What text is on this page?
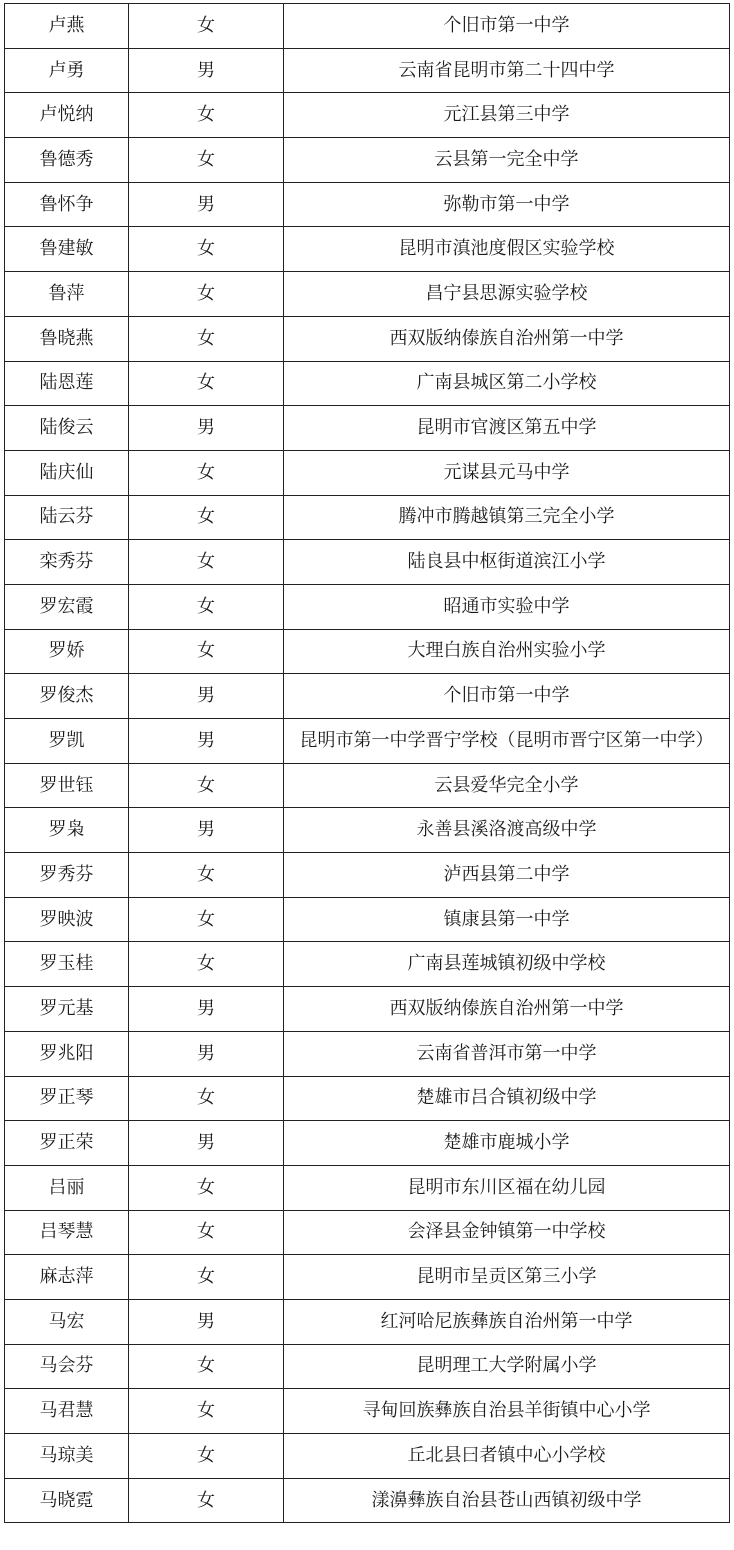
卢燕	女	个旧市第一中学
卢勇	男	云南省昆明市第二十四中学
卢悦纳	女	元江县第三中学
鲁德秀	女	云县第一完全中学
鲁怀争	男	弥勒市第一中学
鲁建敏	女	昆明市滇池度假区实验学校
鲁萍	女	昌宁县思源实验学校
鲁晓燕	女	西双版纳傣族自治州第一中学
陆恩莲	女	广南县城区第二小学校
陆俊云	男	昆明市官渡区第五中学
陆庆仙	女	元谋县元马中学
陆云芬	女	腾冲市腾越镇第三完全小学
栾秀芬	女	陆良县中枢街道滨江小学
罗宏霞	女	昭通市实验中学
罗娇	女	大理白族自治州实验小学
罗俊杰	男	个旧市第一中学
罗凯	男	昆明市第一中学晋宁学校（昆明市晋宁区第一中学）
罗世钰	女	云县爱华完全小学
罗枭	男	永善县溪洛渡高级中学
罗秀芬	女	泸西县第二中学
罗映波	女	镇康县第一中学
罗玉桂	女	广南县莲城镇初级中学校
罗元基	男	西双版纳傣族自治州第一中学
罗兆阳	男	云南省普洱市第一中学
罗正琴	女	楚雄市吕合镇初级中学
罗正荣	男	楚雄市鹿城小学
吕丽	女	昆明市东川区福在幼儿园
吕琴慧	女	会泽县金钟镇第一中学校
麻志萍	女	昆明市呈贡区第三小学
马宏	男	红河哈尼族彝族自治州第一中学
马会芬	女	昆明理工大学附属小学
马君慧	女	寻甸回族彝族自治县羊街镇中心小学
马琼美	女	丘北县曰者镇中心小学校
马晓霓	女	漾濞彝族自治县苍山西镇初级中学
